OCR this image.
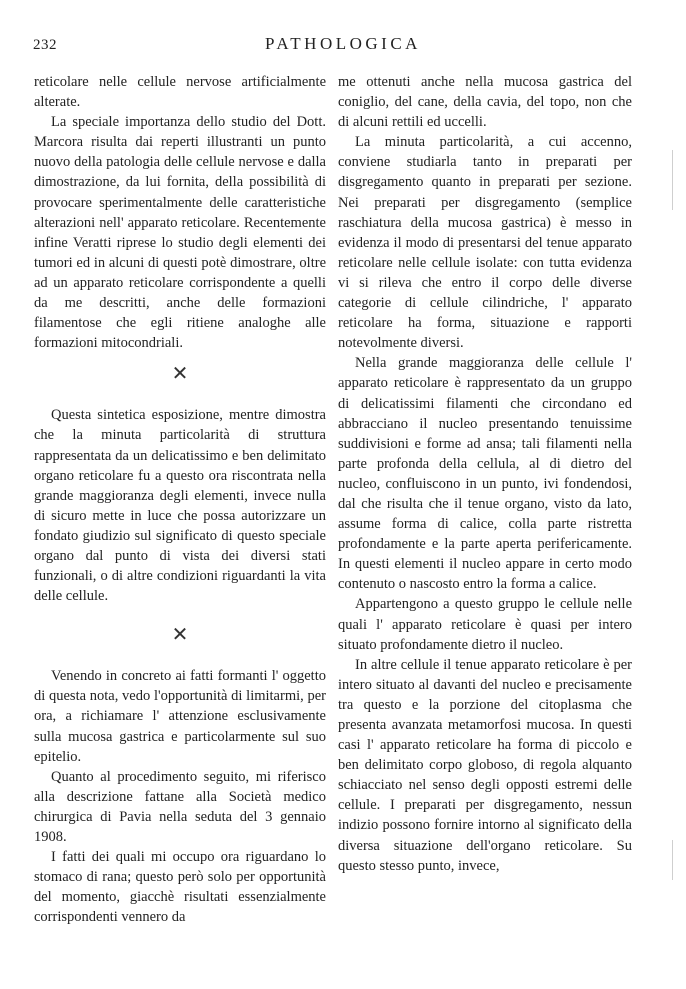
232	PATHOLOGICA

reticolare nelle cellule nervose artificialmente alterate.

La speciale importanza dello studio del Dott. Marcora risulta dai reperti illustranti un punto nuovo della patologia delle cellule nervose e dalla dimostrazione, da lui fornita, della possibilità di provocare sperimentalmente delle caratteristiche alterazioni nell' apparato reticolare. Recentemente infine Veratti riprese lo studio degli elementi dei tumori ed in alcuni di questi potè dimostrare, oltre ad un apparato reticolare corrispondente a quelli da me descritti, anche delle formazioni filamentose che egli ritiene analoghe alle formazioni mitocondriali.

✕

Questa sintetica esposizione, mentre dimostra che la minuta particolarità di struttura rappresentata da un delicatissimo e ben delimitato organo reticolare fu a questo ora riscontrata nella grande maggioranza degli elementi, invece nulla di sicuro mette in luce che possa autorizzare un fondato giudizio sul significato di questo speciale organo dal punto di vista dei diversi stati funzionali, o di altre condizioni riguardanti la vita delle cellule.

✕

Venendo in concreto ai fatti formanti l' oggetto di questa nota, vedo l'opportunità di limitarmi, per ora, a richiamare l' attenzione esclusivamente sulla mucosa gastrica e particolarmente sul suo epitelio.

Quanto al procedimento seguito, mi riferisco alla descrizione fattane alla Società medico chirurgica di Pavia nella seduta del 3 gennaio 1908.

I fatti dei quali mi occupo ora riguardano lo stomaco di rana; questo però solo per opportunità del momento, giacchè risultati essenzialmente corrispondenti vennero da

me ottenuti anche nella mucosa gastrica del coniglio, del cane, della cavia, del topo, non che di alcuni rettili ed uccelli.

La minuta particolarità, a cui accenno, conviene studiarla tanto in preparati per disgregamento quanto in preparati per sezione. Nei preparati per disgregamento (semplice raschiatura della mucosa gastrica) è messo in evidenza il modo di presentarsi del tenue apparato reticolare nelle cellule isolate: con tutta evidenza vi si rileva che entro il corpo delle diverse categorie di cellule cilindriche, l' apparato reticolare ha forma, situazione e rapporti notevolmente diversi.

Nella grande maggioranza delle cellule l' apparato reticolare è rappresentato da un gruppo di delicatissimi filamenti che circondano ed abbracciano il nucleo presentando tenuissime suddivisioni e forme ad ansa; tali filamenti nella parte profonda della cellula, al di dietro del nucleo, confluiscono in un punto, ivi fondendosi, dal che risulta che il tenue organo, visto da lato, assume forma di calice, colla parte ristretta profondamente e la parte aperta perifericamente. In questi elementi il nucleo appare in certo modo contenuto o nascosto entro la forma a calice.

Appartengono a questo gruppo le cellule nelle quali l' apparato reticolare è quasi per intero situato profondamente dietro il nucleo.

In altre cellule il tenue apparato reticolare è per intero situato al davanti del nucleo e precisamente tra questo e la porzione del citoplasma che presenta avanzata metamorfosi mucosa. In questi casi l' apparato reticolare ha forma di piccolo e ben delimitato corpo globoso, di regola alquanto schiacciato nel senso degli opposti estremi delle cellule. I preparati per disgregamento, nessun indizio possono fornire intorno al significato della diversa situazione dell'organo reticolare. Su questo stesso punto, invece,
